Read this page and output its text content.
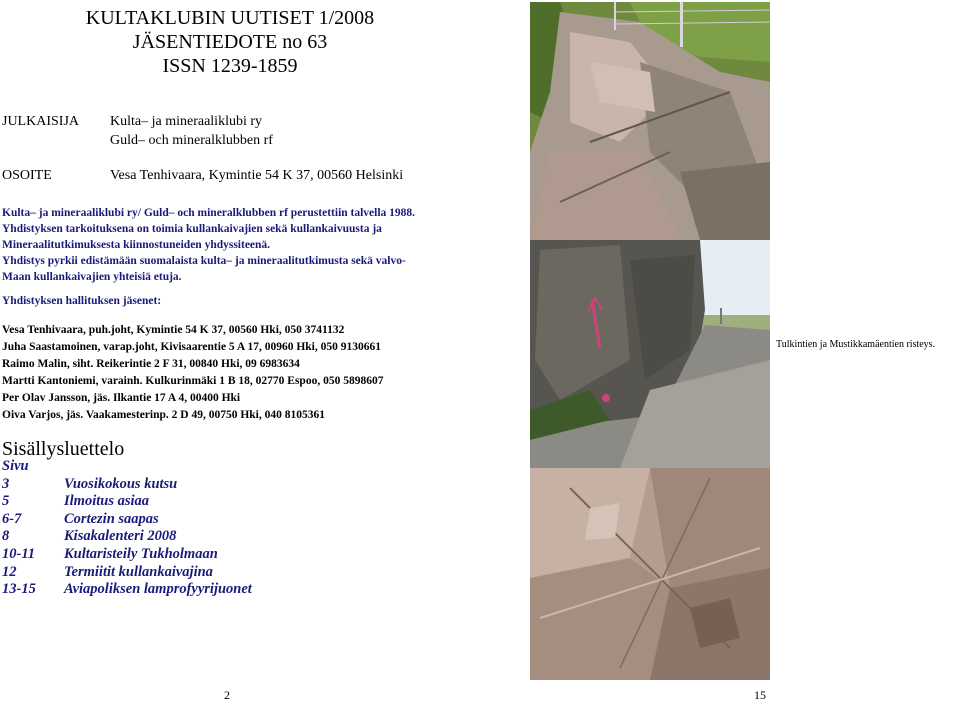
KULTAKLUBIN UUTISET 1/2008
JÄSENTIEDOTE no 63
ISSN 1239-1859
JULKAISIJA Kulta– ja mineraaliklubi ry
Guld– och mineralklubben rf
OSOITE	Vesa Tenhivaara, Kymintie 54 K 37, 00560 Helsinki
Kulta– ja mineraaliklubi ry/ Guld– och mineralklubben rf perustettiin talvella 1988.
Yhdistyksen tarkoituksena on toimia kullankaivajien sekä kullankaivuusta ja
Mineraalitutkimuksesta kiinnostuneiden yhdyssiteenä.
Yhdistys pyrkii edistämään suomalaista kulta– ja mineraalitutkimusta sekä valvo-
Maan kullankaivajien yhteisiä etuja.
Yhdistyksen hallituksen jäsenet:
Vesa Tenhivaara, puh.joht, Kymintie 54 K 37, 00560 Hki, 050 3741132
Juha Saastamoinen, varap.joht, Kivisaarentie 5 A 17, 00960 Hki, 050 9130661
Raimo Malin, siht. Reikerintie 2 F 31, 00840 Hki, 09 6983634
Martti Kantoniemi, varainh. Kulkurinmäki 1 B 18, 02770 Espoo, 050 5898607
Per Olav Jansson, jäs. Ilkantie 17 A 4, 00400 Hki
Oiva Varjos, jäs. Vaakamesterinp. 2 D 49, 00750 Hki, 040 8105361
Sisällysluettelo
Sivu
3	Vuosikokous kutsu
5	Ilmoitus asiaa
6-7	Cortezin saapas
8	Kisakalenteri 2008
10-11 Kultaristeily Tukholmaan
12	Termiitit kullankaivajina
13-15 Aviapoliksen lamprofyyrijuonet
Tulkintien ja Mustikkamäentien risteys.
2	15
